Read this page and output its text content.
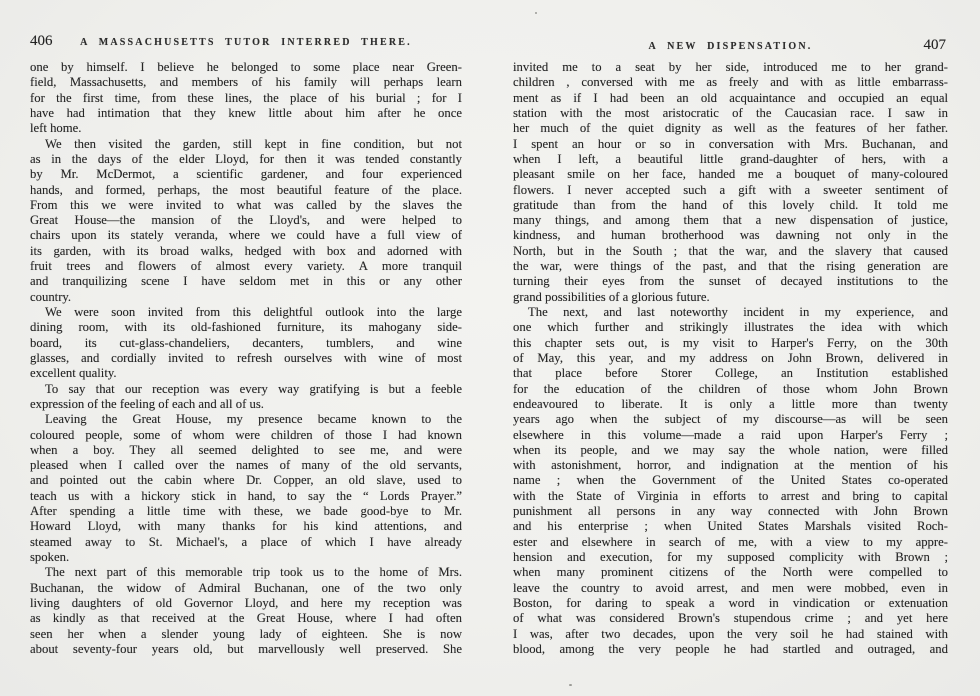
406	A MASSACHUSETTS TUTOR INTERRED THERE.
one by himself. I believe he belonged to some place near Green-
field, Massachusetts, and members of his family will perhaps learn
for the first time, from these lines, the place of his burial ; for I
have had intimation that they knew little about him after he once
left home.
We then visited the garden, still kept in fine condition, but not
as in the days of the elder Lloyd, for then it was tended constantly
by Mr. McDermot, a scientific gardener, and four experienced
hands, and formed, perhaps, the most beautiful feature of the place.
From this we were invited to what was called by the slaves the
Great House—the mansion of the Lloyd's, and were helped to
chairs upon its stately veranda, where we could have a full view of
its garden, with its broad walks, hedged with box and adorned with
fruit trees and flowers of almost every variety. A more tranquil
and tranquilizing scene I have seldom met in this or any other
country.
We were soon invited from this delightful outlook into the large
dining room, with its old-fashioned furniture, its mahogany side-
board, its cut-glass-chandeliers, decanters, tumblers, and wine
glasses, and cordially invited to refresh ourselves with wine of most
excellent quality.
To say that our reception was every way gratifying is but a feeble
expression of the feeling of each and all of us.
Leaving the Great House, my presence became known to the
coloured people, some of whom were children of those I had known
when a boy. They all seemed delighted to see me, and were
pleased when I called over the names of many of the old servants,
and pointed out the cabin where Dr. Copper, an old slave, used to
teach us with a hickory stick in hand, to say the “ Lords Prayer.”
After spending a little time with these, we bade good-bye to Mr.
Howard Lloyd, with many thanks for his kind attentions, and
steamed away to St. Michael's, a place of which I have already
spoken.
The next part of this memorable trip took us to the home of Mrs.
Buchanan, the widow of Admiral Buchanan, one of the two only
living daughters of old Governor Lloyd, and here my reception was
as kindly as that received at the Great House, where I had often
seen her when a slender young lady of eighteen. She is now
about seventy-four years old, but marvellously well preserved. She
A NEW DISPENSATION.	407
invited me to a seat by her side, introduced me to her grand-
children , conversed with me as freely and with as little embarrass-
ment as if I had been an old acquaintance and occupied an equal
station with the most aristocratic of the Caucasian race. I saw in
her much of the quiet dignity as well as the features of her father.
I spent an hour or so in conversation with Mrs. Buchanan, and
when I left, a beautiful little grand-daughter of hers, with a
pleasant smile on her face, handed me a bouquet of many-coloured
flowers. I never accepted such a gift with a sweeter sentiment of
gratitude than from the hand of this lovely child. It told me
many things, and among them that a new dispensation of justice,
kindness, and human brotherhood was dawning not only in the
North, but in the South ; that the war, and the slavery that caused
the war, were things of the past, and that the rising generation are
turning their eyes from the sunset of decayed institutions to the
grand possibilities of a glorious future.
The next, and last noteworthy incident in my experience, and
one which further and strikingly illustrates the idea with which
this chapter sets out, is my visit to Harper's Ferry, on the 30th
of May, this year, and my address on John Brown, delivered in
that place before Storer College, an Institution established
for the education of the children of those whom John Brown
endeavoured to liberate. It is only a little more than twenty
years ago when the subject of my discourse—as will be seen
elsewhere in this volume—made a raid upon Harper's Ferry ;
when its people, and we may say the whole nation, were filled
with astonishment, horror, and indignation at the mention of his
name ; when the Government of the United States co-operated
with the State of Virginia in efforts to arrest and bring to capital
punishment all persons in any way connected with John Brown
and his enterprise ; when United States Marshals visited Roch-
ester and elsewhere in search of me, with a view to my appre-
hension and execution, for my supposed complicity with Brown ;
when many prominent citizens of the North were compelled to
leave the country to avoid arrest, and men were mobbed, even in
Boston, for daring to speak a word in vindication or extenuation
of what was considered Brown's stupendous crime ; and yet here
I was, after two decades, upon the very soil he had stained with
blood, among the very people he had startled and outraged, and
